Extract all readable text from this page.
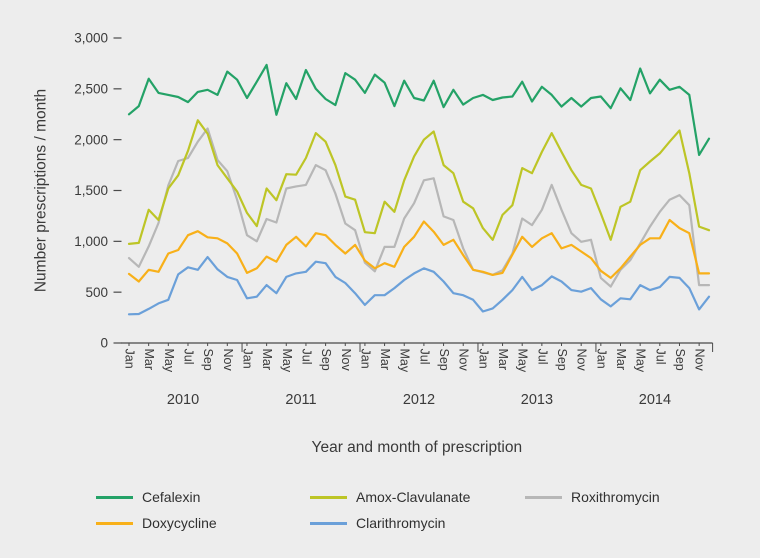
0
500
1,000
1,500
2,000
2,500
3,000
Jan Mar May Jul Sep Nov
2010
Jan Mar May Jul Sep Nov
2011
Jan Mar May Jul Sep Nov
2012
Jan Mar May Jul Sep Nov
2013
Jan Mar May Jul Sep Nov
2014
Number prescriptions / month
Year and month of prescription
Cefalexin	Amox-Clavulanate	Roxithromycin
Doxycycline	Clarithromycin
